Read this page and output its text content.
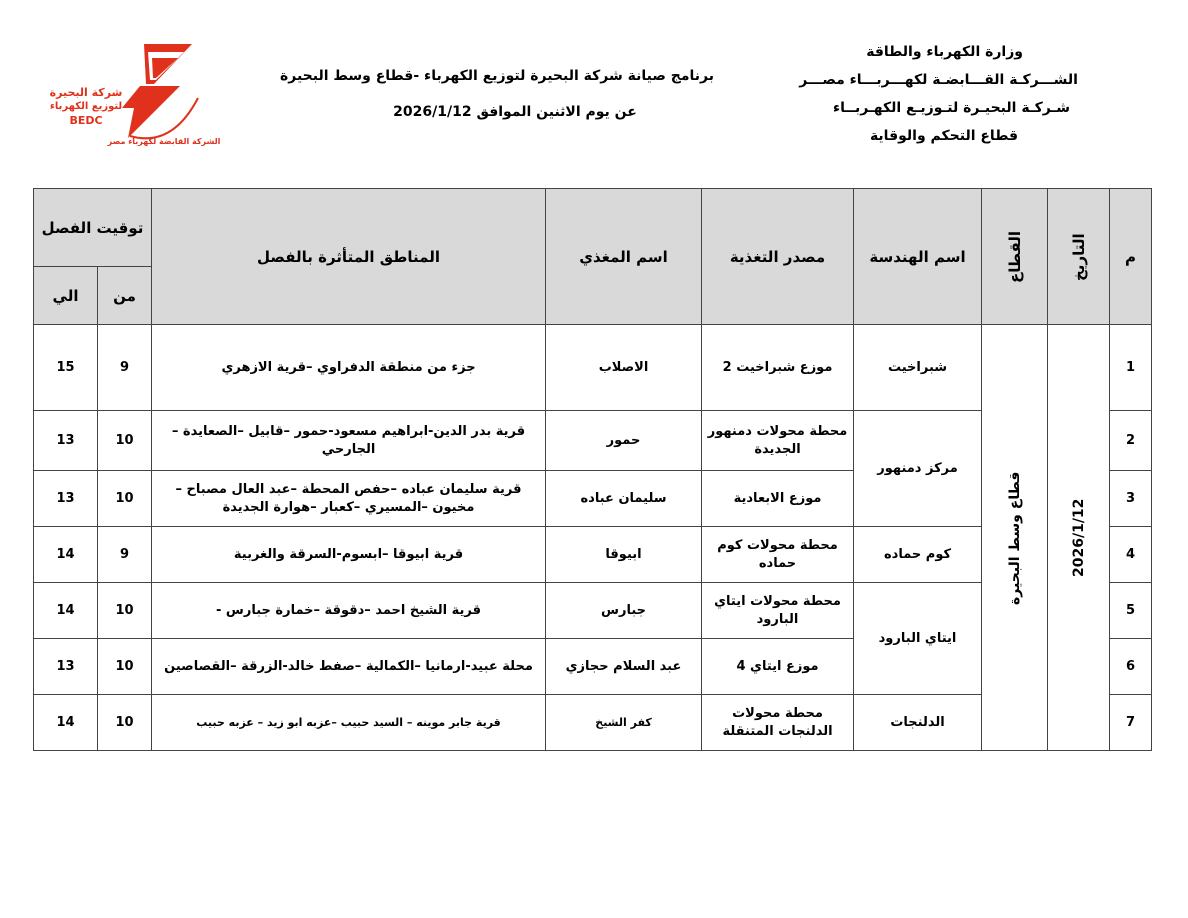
شركة البحيرة
لتوزيع الكهرباء
BEDC
الشركة القابضة لكهرباء مصر
برنامج صيانة شركة البحيرة لتوزيع الكهرباء -قطاع وسط البحيرة
عن يوم الاثنين الموافق 2026/1/12
وزارة الكهرباء والطاقة
الشـــركـة القـــابضـة لكهـــربـــاء مصـــر
شـركـة البحيـرة لتـوزيـع الكهـربــاء
قطاع التحكم والوقاية
توقيت الفصل		المناطق المتأثرة بالفصل	اسم المغذي	مصدر التغذية	اسم الهندسة	القطاع	التاريخ	م
الي	من							
15	9	جزء من منطقة الدفراوي –قرية الازهري	الاصلاب	موزع شبراخيت 2	شبراخيت	قطاع وسط البحيرة	2026/1/12	1
13	10	قرية بدر الدين-ابراهيم مسعود-حمور –قابيل –الصعايدة – الجارحي	حمور	محطة محولات دمنهور الجديدة	مركز دمنهور			2
13	10	قرية سليمان عباده –حفص المحطة –عبد العال مصباح –مخيون –المسيري –كعبار –هوارة الجديدة	سليمان عباده	موزع الابعادية				3
14	9	قرية ابيوقا –ابسوم-السرقة والغربية	ابيوقا	محطة محولات كوم حماده	كوم حماده			4
14	10	قرية الشيخ احمد –دقوقة –خمارة جبارس -	جبارس	محطة محولات ايتاي البارود	ايتاي البارود			5
13	10	محلة عبيد-ارمانيا –الكمالية –صفط خالد-الزرقة –القصاصين	عبد السلام حجازي	موزع ايتاي 4				6
14	10	قرية جابر موينه – السيد حبيب –عزبه ابو زيد – عزبه حبيب	كفر الشيخ	محطة محولات الدلنجات المتنقلة	الدلنجات			7
